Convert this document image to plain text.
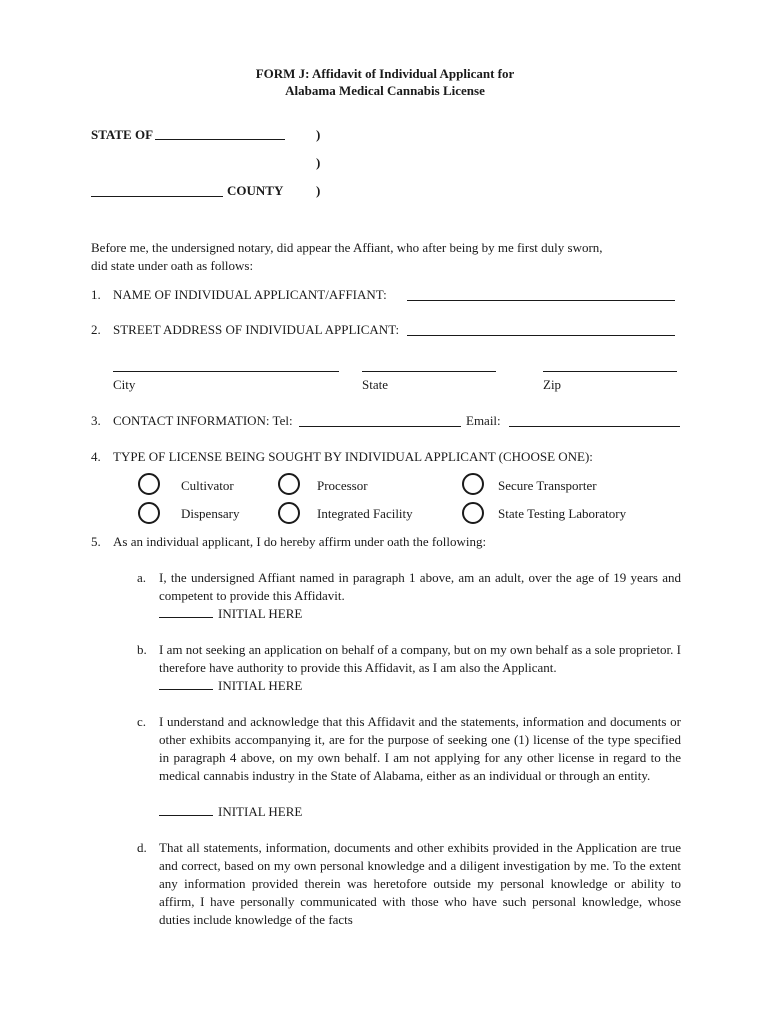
FORM J: Affidavit of Individual Applicant for
Alabama Medical Cannabis License
STATE OF	)
)
COUNTY	)
Before me, the undersigned notary, did appear the Affiant, who after being by me first duly sworn,
did state under oath as follows:
1. NAME OF INDIVIDUAL APPLICANT/AFFIANT:
2. STREET ADDRESS OF INDIVIDUAL APPLICANT:
City	State	Zip
3. CONTACT INFORMATION: Tel:	Email:
4. TYPE OF LICENSE BEING SOUGHT BY INDIVIDUAL APPLICANT (CHOOSE ONE):
Cultivator	Processor	Secure Transporter
Dispensary	Integrated Facility	State Testing Laboratory
5. As an individual applicant, I do hereby affirm under oath the following:
a. I, the undersigned Affiant named in paragraph 1 above, am an adult, over the age of 19 years and competent to provide this Affidavit.
INITIAL HERE
b. I am not seeking an application on behalf of a company, but on my own behalf as a sole proprietor. I therefore have authority to provide this Affidavit, as I am also the Applicant.
INITIAL HERE
c. I understand and acknowledge that this Affidavit and the statements, information and documents or other exhibits accompanying it, are for the purpose of seeking one (1) license of the type specified in paragraph 4 above, on my own behalf. I am not applying for any other license in regard to the medical cannabis industry in the State of Alabama, either as an individual or through an entity.
INITIAL HERE
d. That all statements, information, documents and other exhibits provided in the Application are true and correct, based on my own personal knowledge and a diligent investigation by me. To the extent any information provided therein was heretofore outside my personal knowledge or ability to affirm, I have personally communicated with those who have such personal knowledge, whose duties include knowledge of the facts
